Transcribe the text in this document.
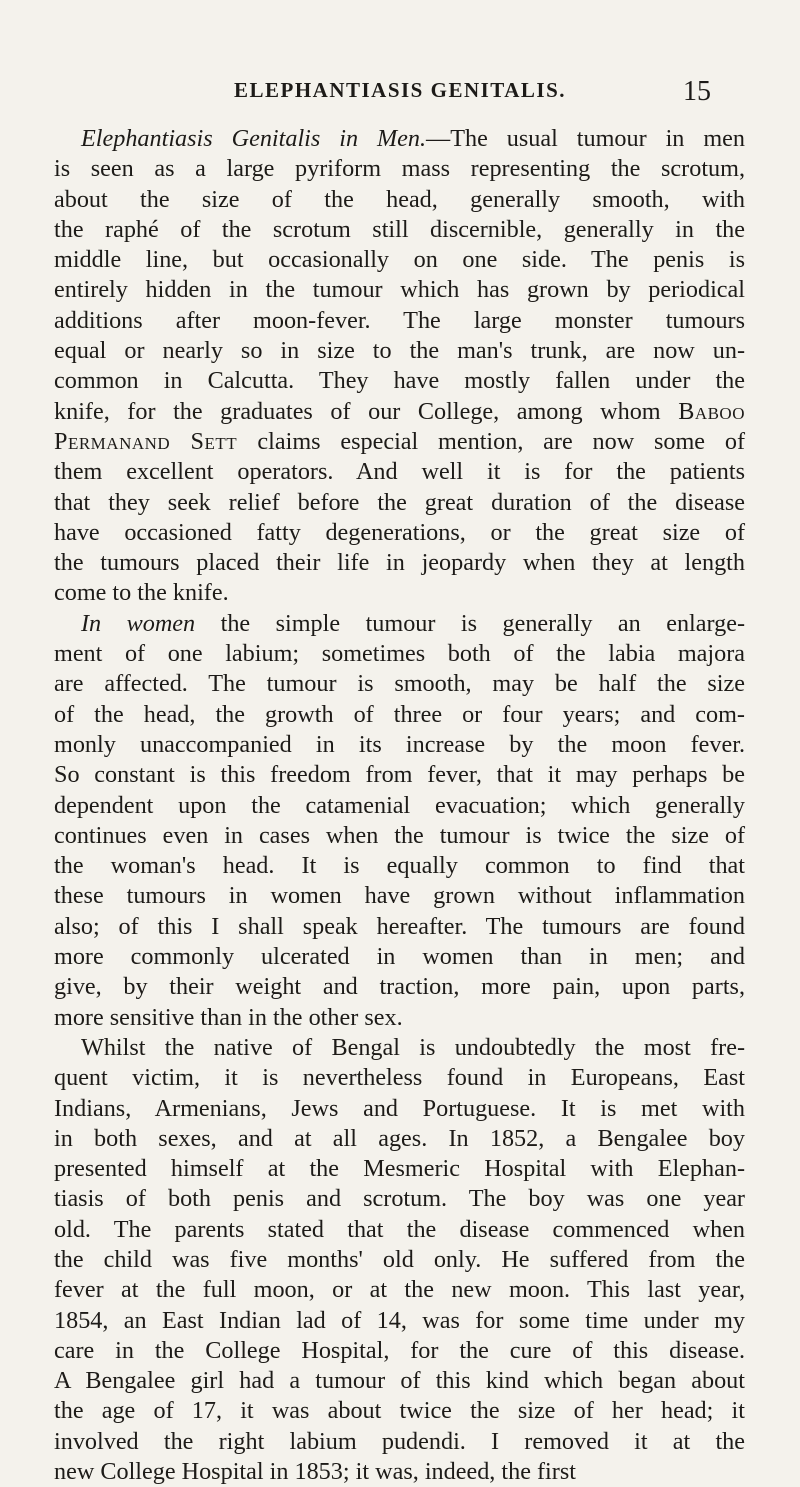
ELEPHANTIASIS GENITALIS.	15
Elephantiasis Genitalis in Men.—The usual tumour in men
is seen as a large pyriform mass representing the scrotum,
about the size of the head, generally smooth, with
the raphé of the scrotum still discernible, generally in the
middle line, but occasionally on one side. The penis is
entirely hidden in the tumour which has grown by periodical
additions after moon-fever. The large monster tumours
equal or nearly so in size to the man's trunk, are now un-
common in Calcutta. They have mostly fallen under the
knife, for the graduates of our College, among whom Baboo
Permanand Sett claims especial mention, are now some of
them excellent operators. And well it is for the patients
that they seek relief before the great duration of the disease
have occasioned fatty degenerations, or the great size of
the tumours placed their life in jeopardy when they at length
come to the knife.
In women the simple tumour is generally an enlarge-
ment of one labium; sometimes both of the labia majora
are affected. The tumour is smooth, may be half the size
of the head, the growth of three or four years; and com-
monly unaccompanied in its increase by the moon fever.
So constant is this freedom from fever, that it may perhaps be
dependent upon the catamenial evacuation; which generally
continues even in cases when the tumour is twice the size of
the woman's head. It is equally common to find that
these tumours in women have grown without inflammation
also; of this I shall speak hereafter. The tumours are found
more commonly ulcerated in women than in men; and
give, by their weight and traction, more pain, upon parts,
more sensitive than in the other sex.
Whilst the native of Bengal is undoubtedly the most fre-
quent victim, it is nevertheless found in Europeans, East
Indians, Armenians, Jews and Portuguese. It is met with
in both sexes, and at all ages. In 1852, a Bengalee boy
presented himself at the Mesmeric Hospital with Elephan-
tiasis of both penis and scrotum. The boy was one year
old. The parents stated that the disease commenced when
the child was five months' old only. He suffered from the
fever at the full moon, or at the new moon. This last year,
1854, an East Indian lad of 14, was for some time under my
care in the College Hospital, for the cure of this disease.
A Bengalee girl had a tumour of this kind which began about
the age of 17, it was about twice the size of her head; it
involved the right labium pudendi. I removed it at the
new College Hospital in 1853; it was, indeed, the first
